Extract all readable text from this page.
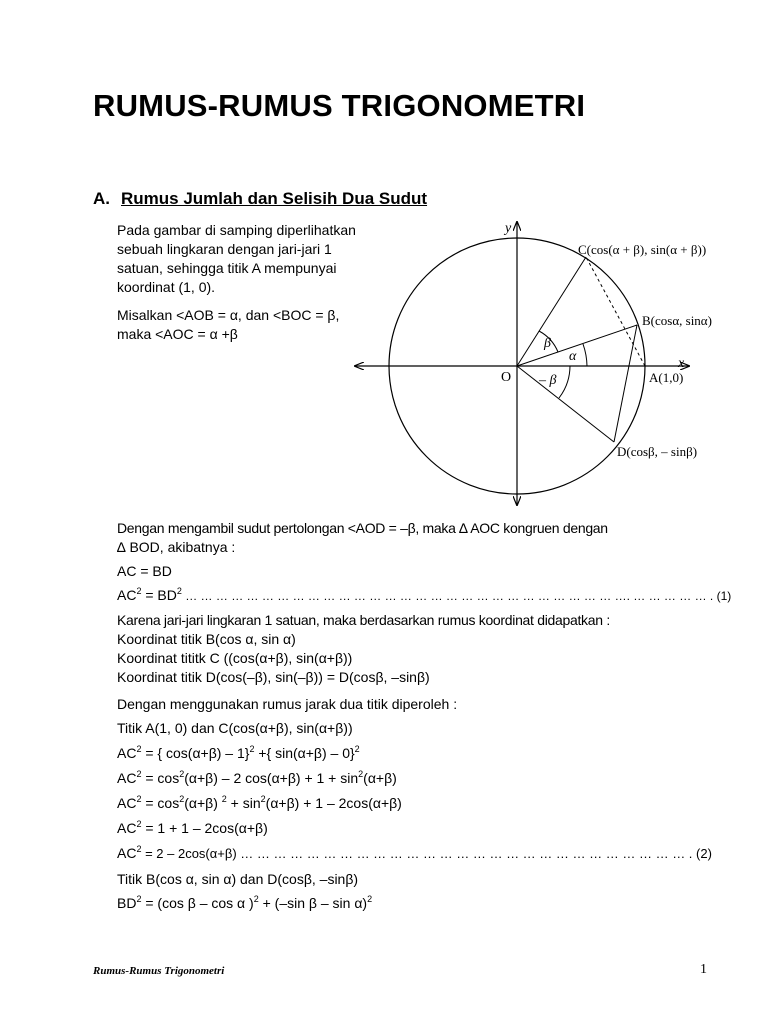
RUMUS-RUMUS TRIGONOMETRI
A. Rumus Jumlah dan Selisih Dua Sudut
Pada gambar di samping diperlihatkan
sebuah lingkaran dengan jari-jari 1
satuan, sehingga titik A mempunyai
koordinat (1, 0).
Misalkan <AOB = α, dan <BOC = β,
maka <AOC = α +β
y
x
O	A(1,0)
B(cosα, sinα)
C(cos(α + β), sin(α + β))
D(cosβ, – sinβ)
β
α
– β
Dengan mengambil sudut pertolongan <AOD = –β, maka ∆ AOC kongruen dengan
∆ BOD, akibatnya :
AC = BD
$AC^2 = BD^2$ … … … … … … … … … … … … … … … … … … … … … … … … … … … … …. … … … … … . (1)
Karena jari-jari lingkaran 1 satuan, maka berdasarkan rumus koordinat didapatkan :
Koordinat titik B(cos α, sin α)
Koordinat tititk C ((cos(α+β), sin(α+β))
Koordinat titik D(cos(–β), sin(–β)) = D(cosβ, –sinβ)
Dengan menggunakan rumus jarak dua titik diperoleh :
Titik A(1, 0) dan C(cos(α+β), sin(α+β))
$AC^2$ = { cos(α+β) – 1}$^2$ +{ sin(α+β) – 0}$^2$
$AC^2 = \cos^2(\alpha+\beta) - 2$ $\cos(\alpha+\beta) + 1 + \sin^2(\alpha+\beta)$
$AC^2 = \cos^2(\alpha+\beta) ^2 + \sin^2(\alpha+\beta) + 1 - 2\cos(\alpha+\beta)$
$AC^2 = 1 + 1 - 2\cos(\alpha+\beta)$
$AC^2 = 2 - 2\cos(\alpha+\beta)$ … … … … … … … … … … … … … … … … … … … … … … … … … … … . (2)
Titik B(cos α, sin α) dan D(cosβ, –sinβ)
$BD^2 = (\cos$ β – cos α )$^2$ + (–sin β – sin α)$^2$
Rumus-Rumus Trigonometri	1
